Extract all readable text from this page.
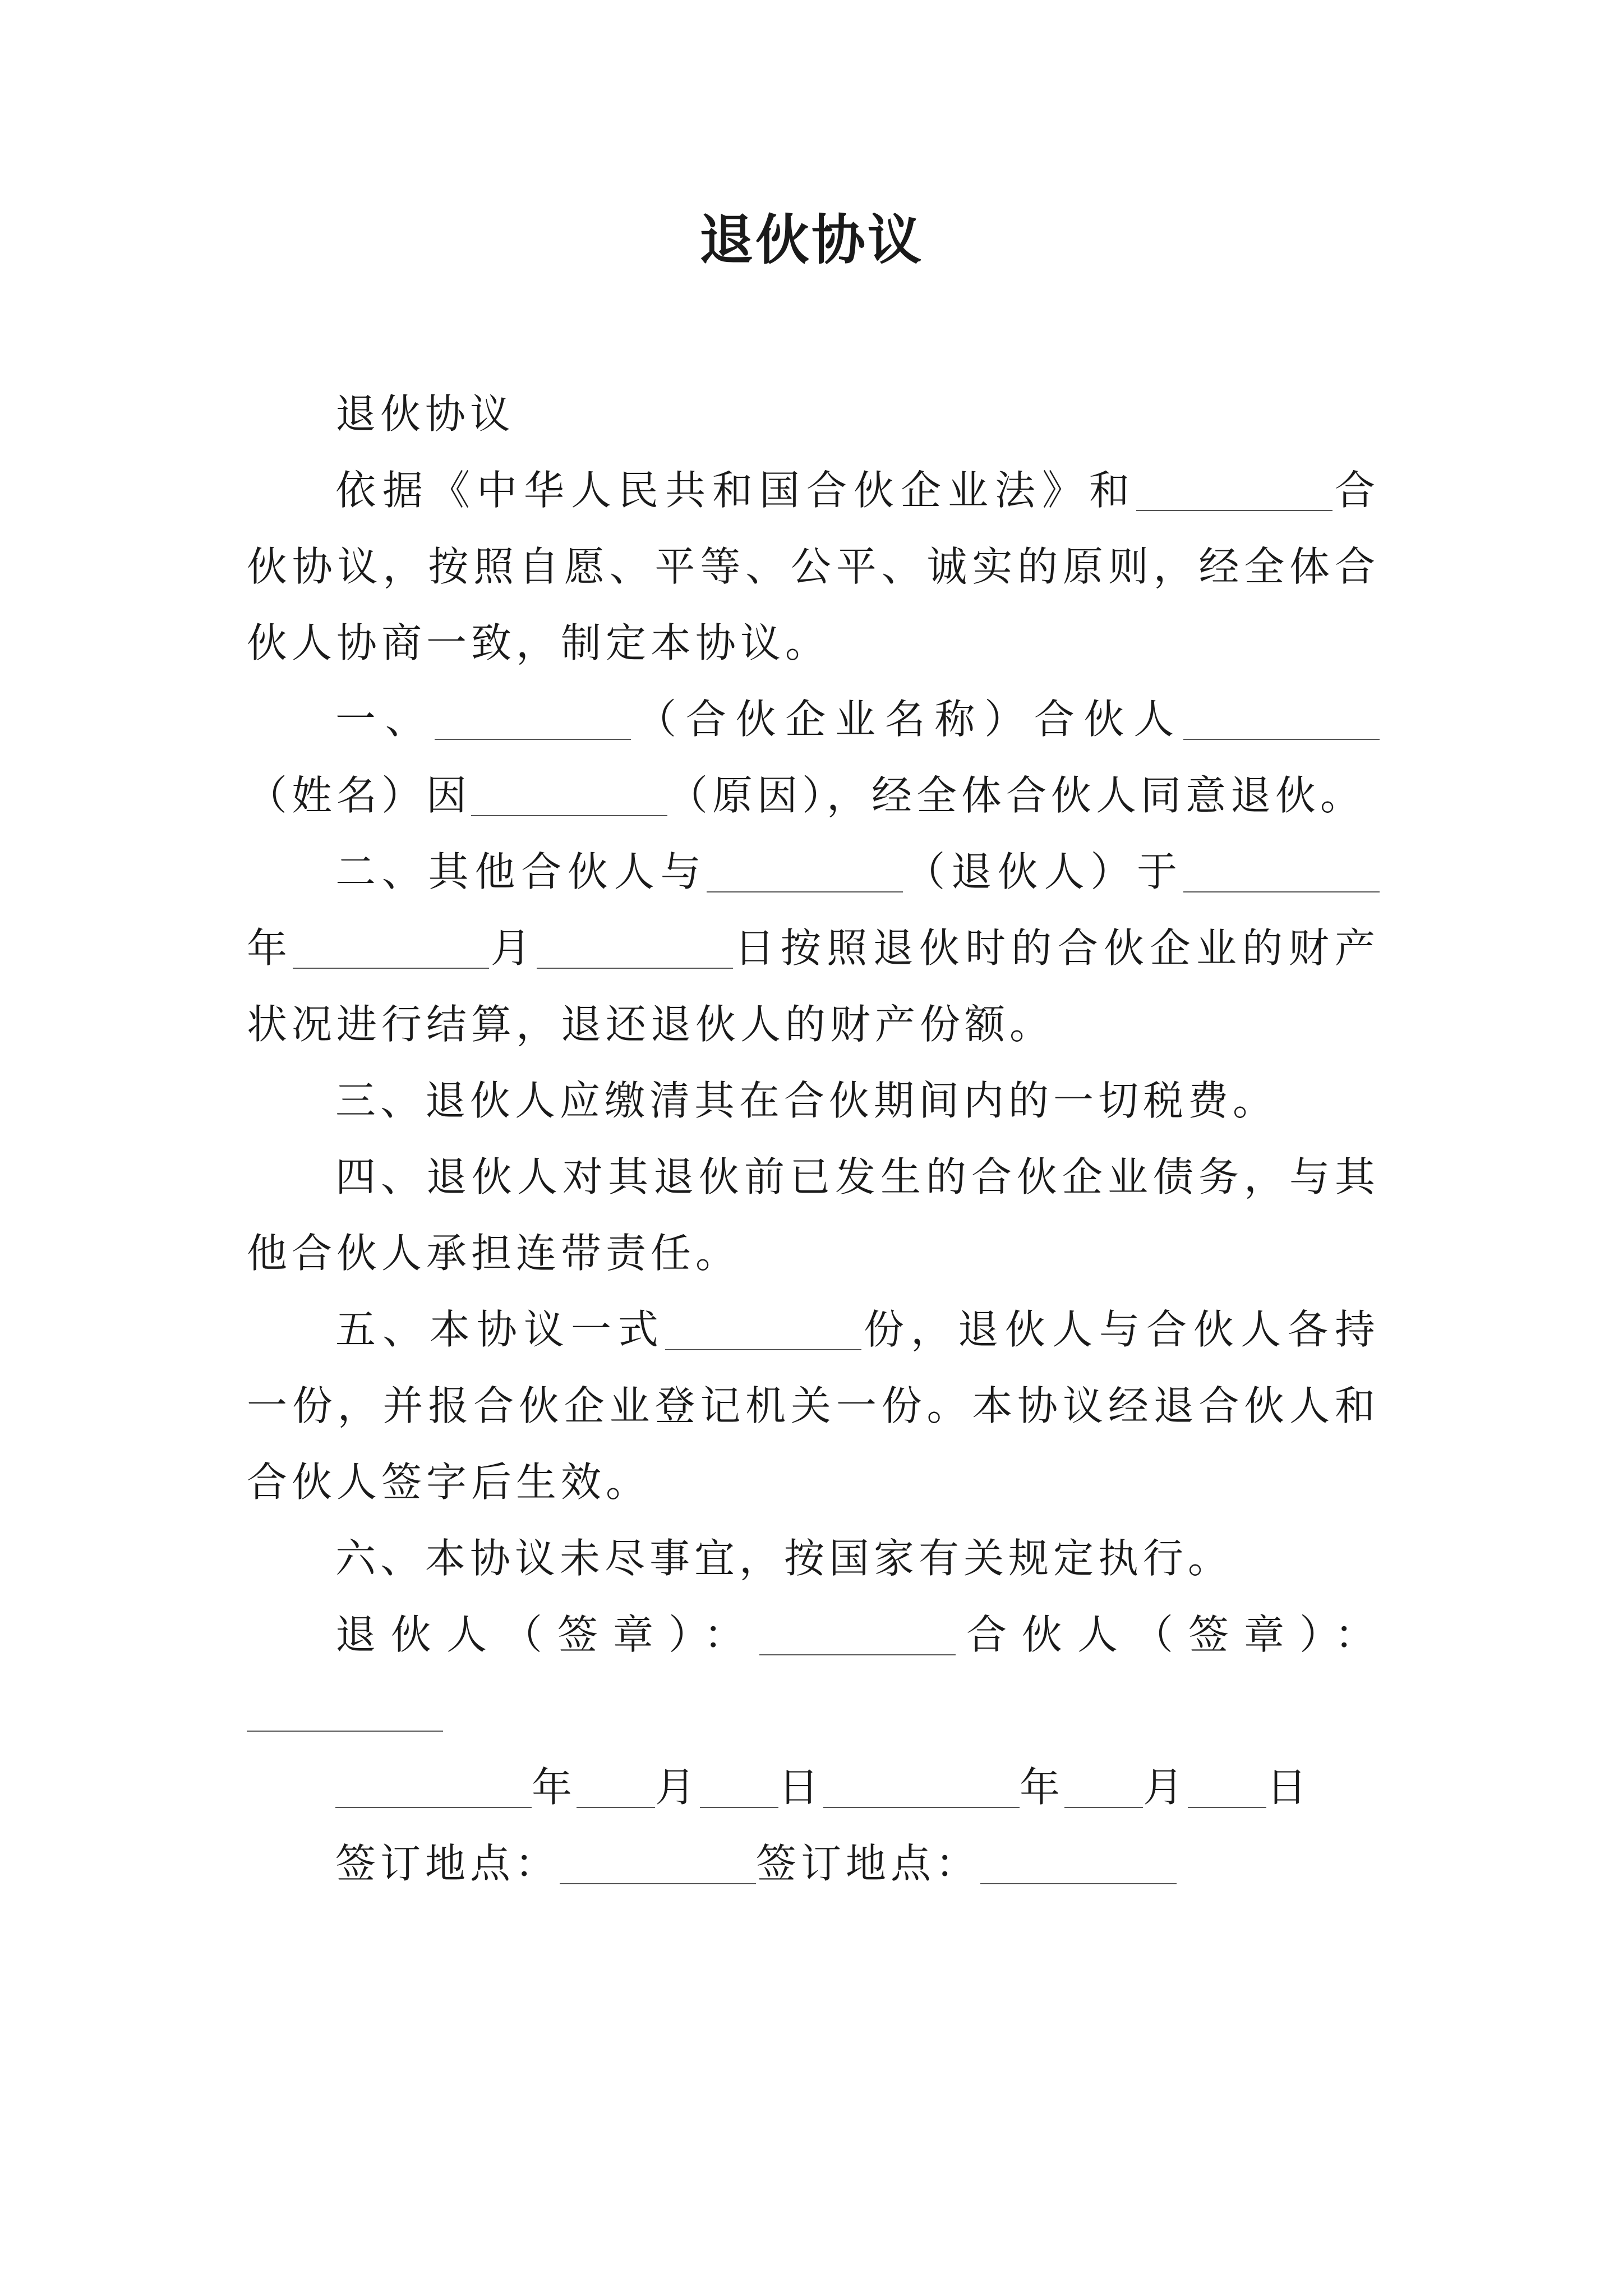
退伙协议

退伙协议

依据《中华人民共和国合伙企业法》和	合伙协议，按照自愿、平等、公平、诚实的原则，经全体合伙人协商一致，制定本协议。

一、	（合伙企业名称）合伙人（姓名）因	（原因），经全体合伙人同意退伙。

二、其他合伙人与	（退伙人）于年	月	日按照退伙时的合伙企业的财产状况进行结算，退还退伙人的财产份额。

三、退伙人应缴清其在合伙期间内的一切税费。

四、退伙人对其退伙前已发生的合伙企业债务，与其他合伙人承担连带责任。

五、本协议一式	份，退伙人与合伙人各持一份，并报合伙企业登记机关一份。本协议经退合伙人和合伙人签字后生效。

六、本协议未尽事宜，按国家有关规定执行。

退伙人（签章）：	合伙人（签章）：

年 月 日	年 月 日

签订地点：	签订地点：
